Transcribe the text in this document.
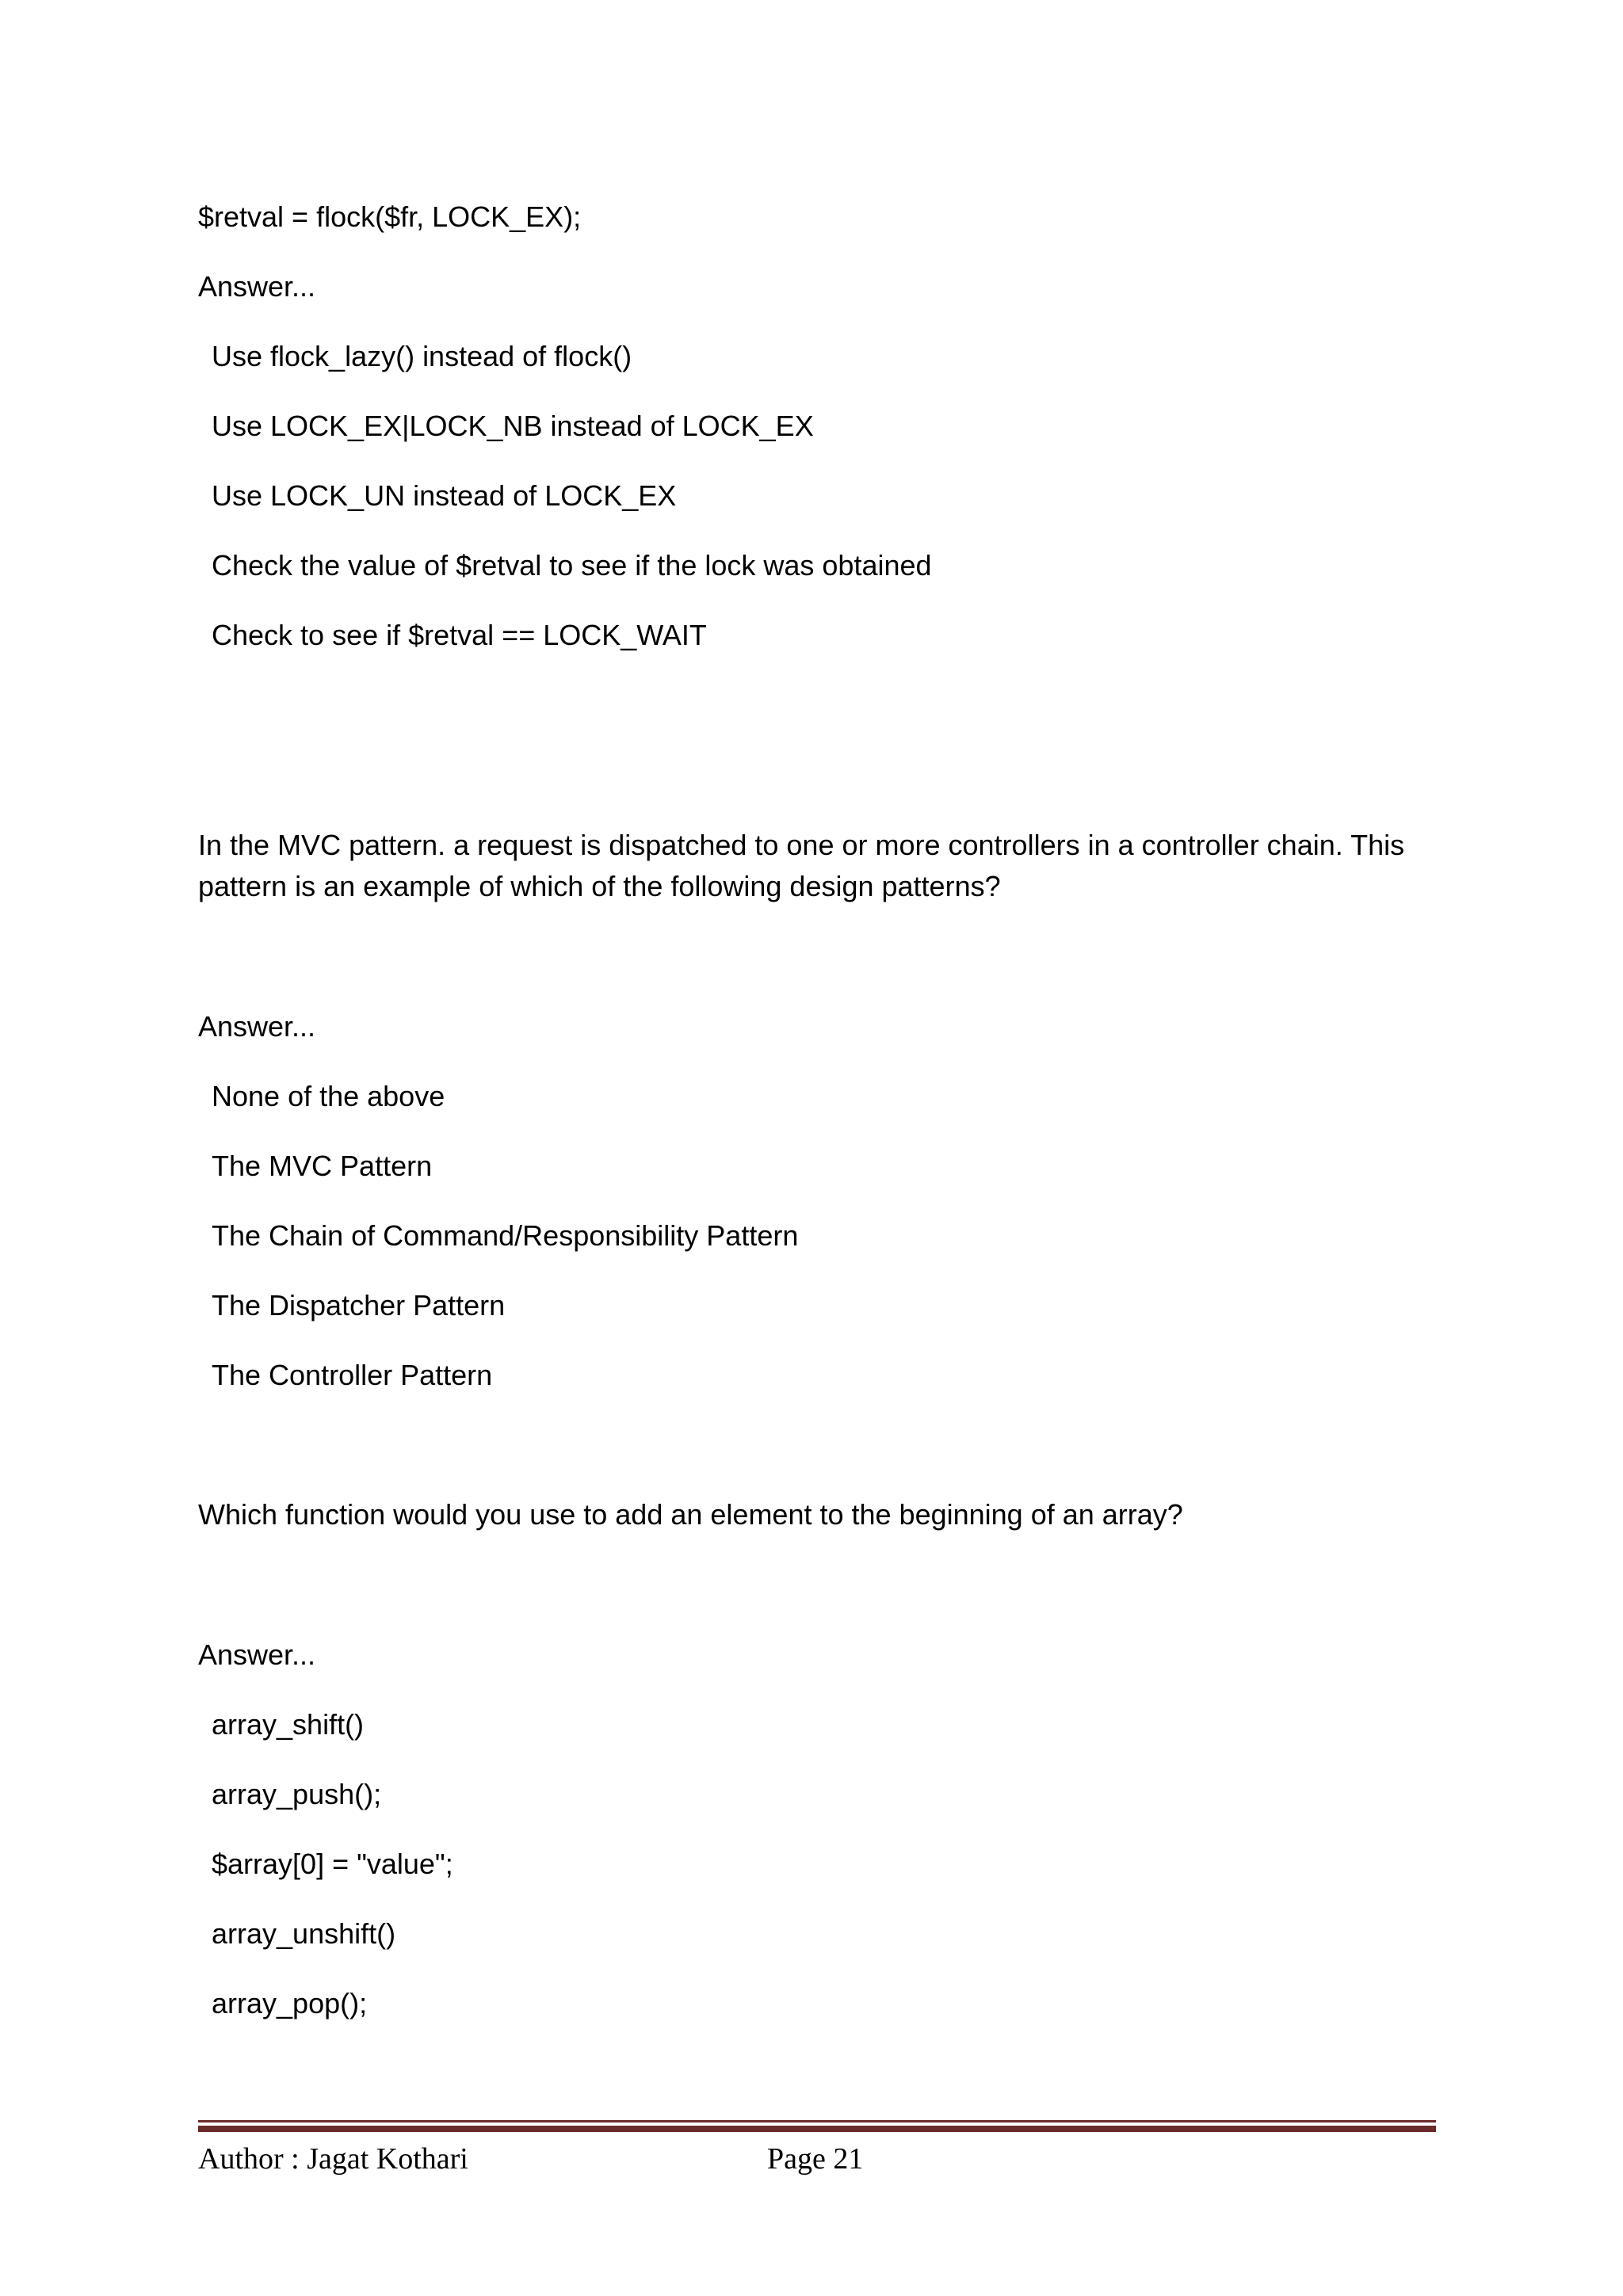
$retval = flock($fr, LOCK_EX);
Answer...
Use flock_lazy() instead of flock()
Use LOCK_EX|LOCK_NB instead of LOCK_EX
Use LOCK_UN instead of LOCK_EX
Check the value of $retval to see if the lock was obtained
Check to see if $retval == LOCK_WAIT
In the MVC pattern. a request is dispatched to one or more controllers in a controller chain. This
pattern is an example of which of the following design patterns?
Answer...
None of the above
The MVC Pattern
The Chain of Command/Responsibility Pattern
The Dispatcher Pattern
The Controller Pattern
Which function would you use to add an element to the beginning of an array?
Answer...
array_shift()
array_push();
$array[0] = "value";
array_unshift()
array_pop();
Author : Jagat Kothari	Page 21
